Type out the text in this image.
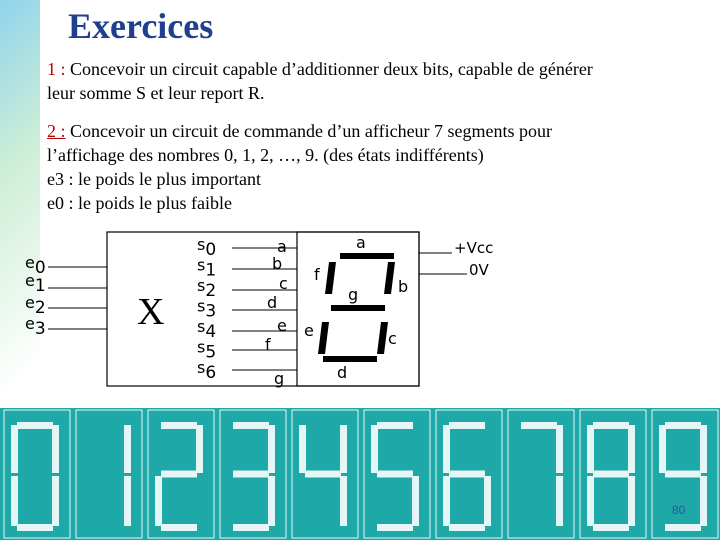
Exercices

1 : Concevoir un circuit capable d’additionner deux bits, capable de générer

leur somme S et leur report R.

2 : Concevoir un circuit de commande d’un afficheur 7 segments pour

l’affichage des nombres 0, 1, 2, …, 9. (des états indifférents)

e3 : le poids le plus important

e0 : le poids le plus faible

e0
e1
e2
e3 X
s0
s1
s2
s3
s4
s5
s6
a
b
c
d
e
f
g
a
b
c
d
e
f
g
+Vcc
0V
80
